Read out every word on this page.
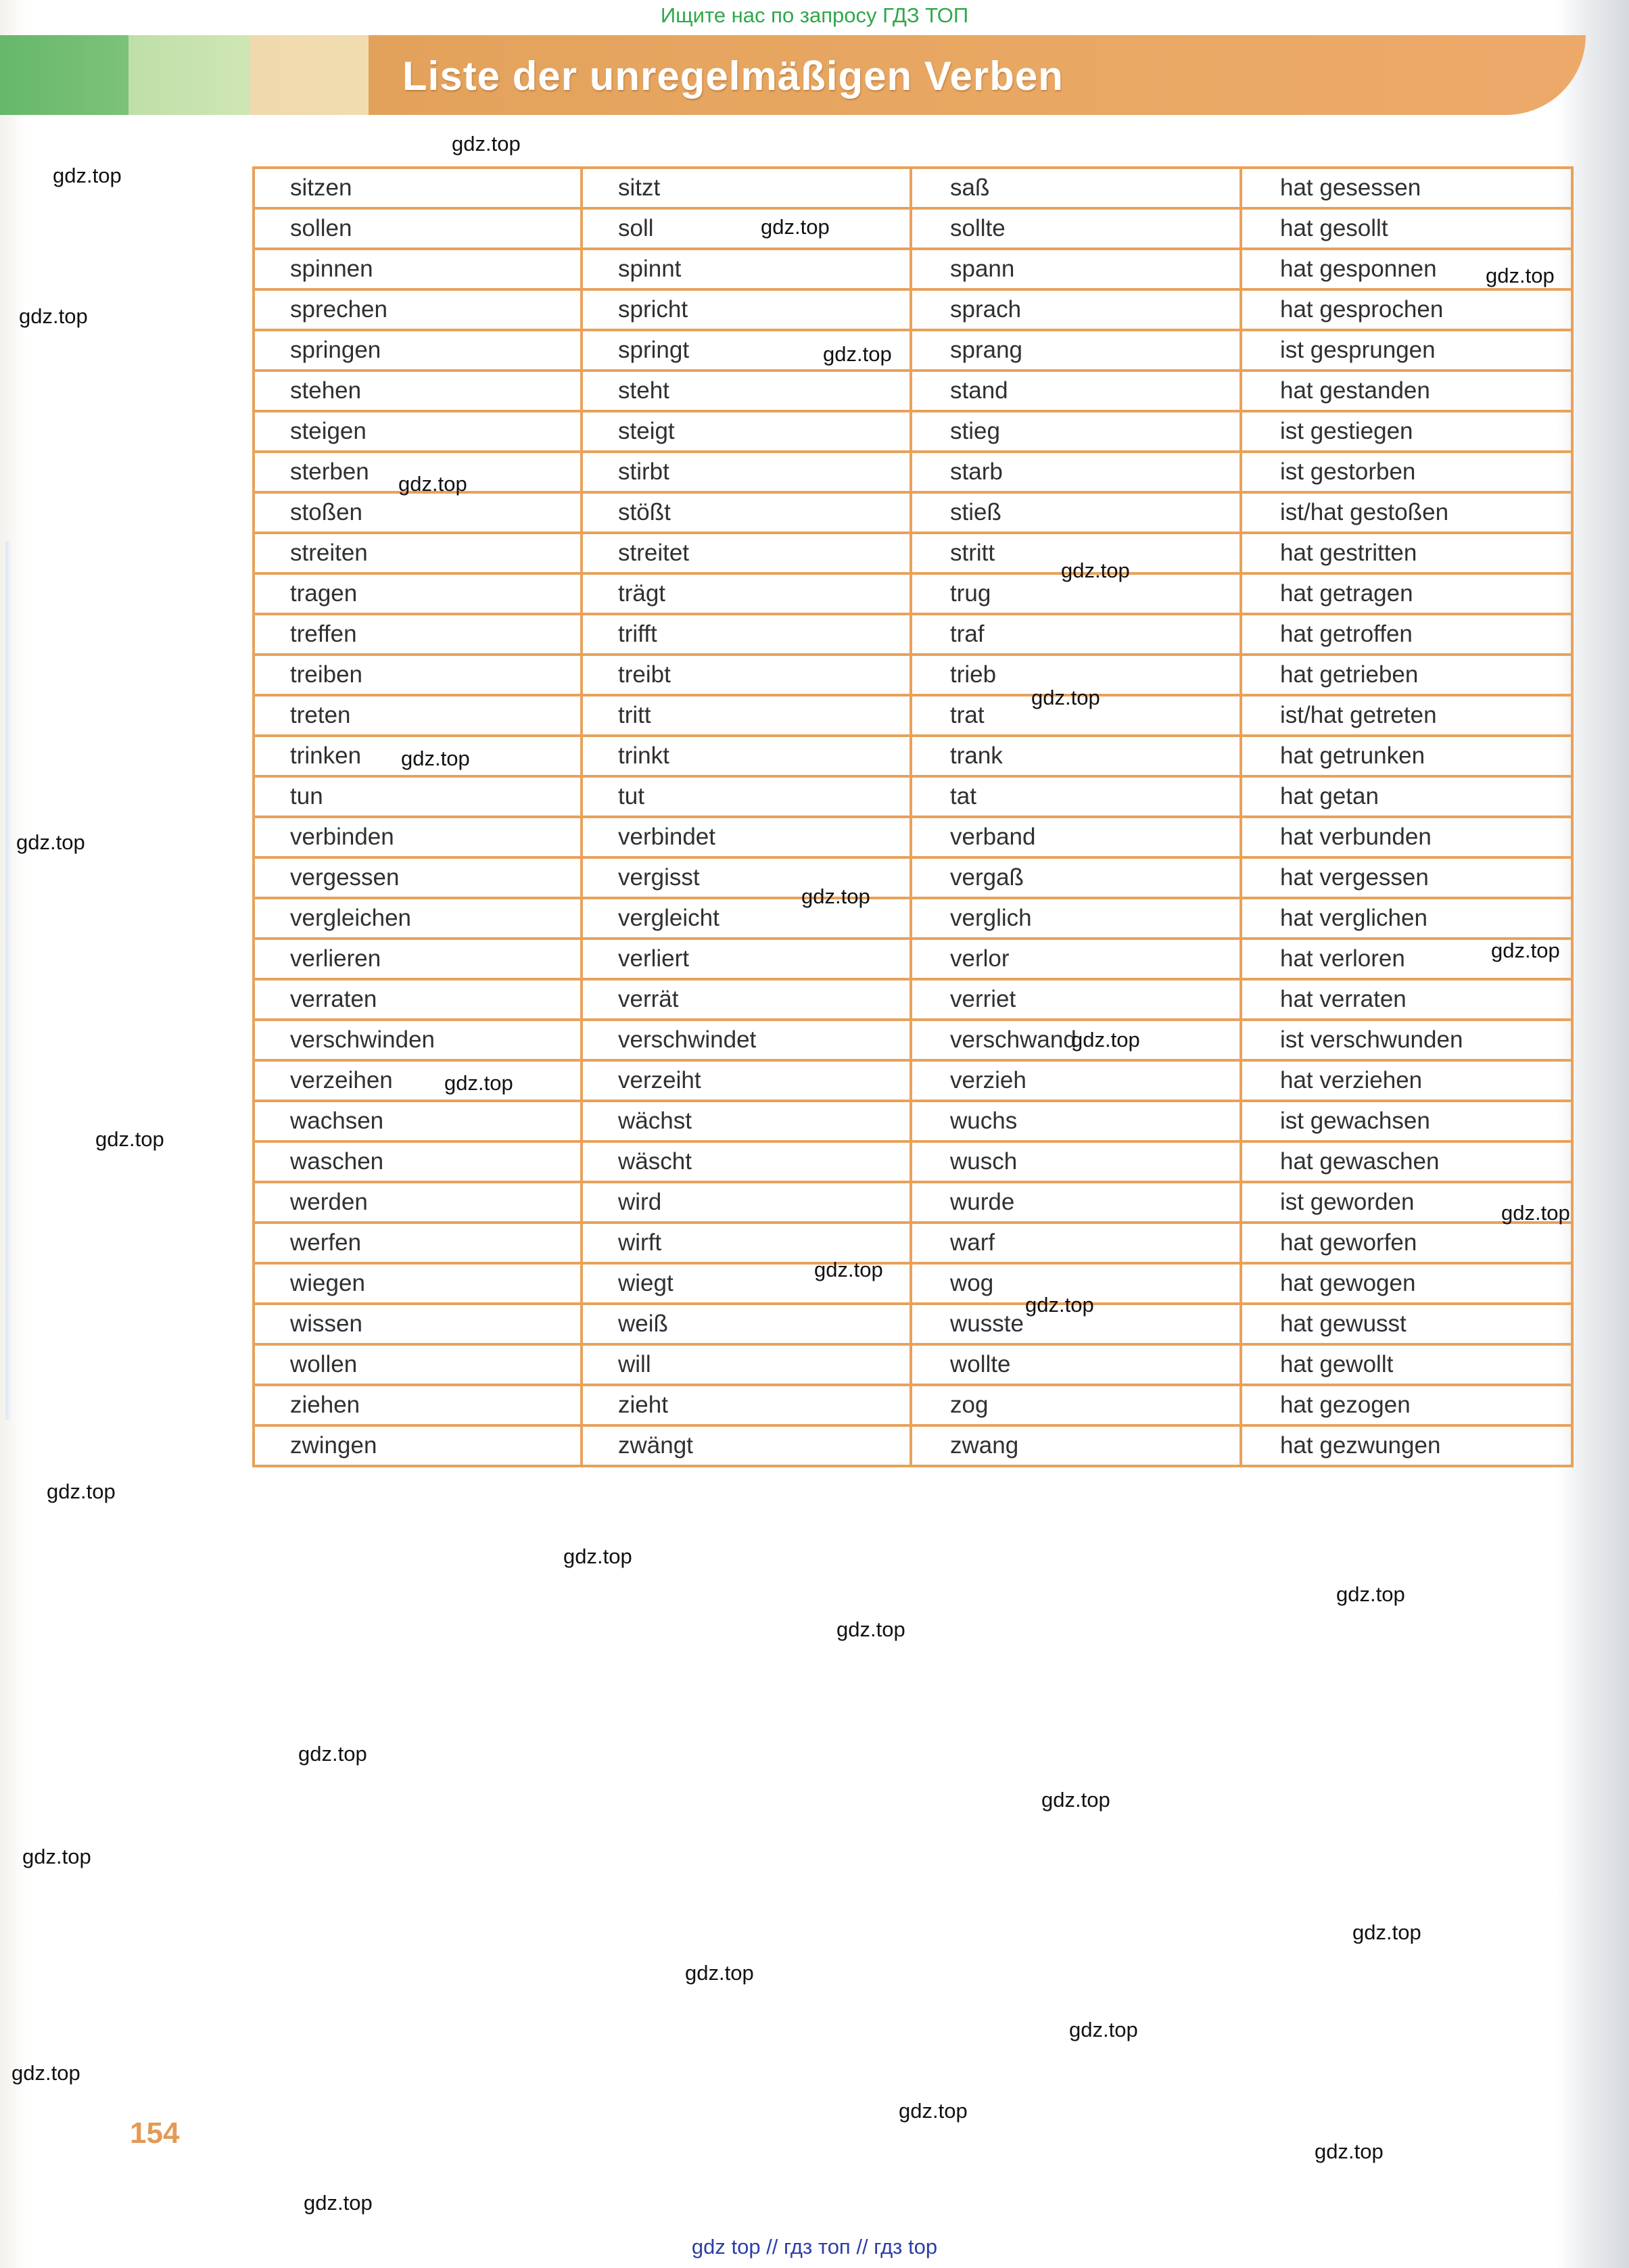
Ищите нас по запросу ГДЗ ТОП
Liste der unregelmäßigen Verben
sitzen	sitzt	saß	hat gesessen
sollen	soll	sollte	hat gesollt
spinnen	spinnt	spann	hat gesponnen
sprechen	spricht	sprach	hat gesprochen
springen	springt	sprang	ist gesprungen
stehen	steht	stand	hat gestanden
steigen	steigt	stieg	ist gestiegen
sterben	stirbt	starb	ist gestorben
stoßen	stößt	stieß	ist/hat gestoßen
streiten	streitet	stritt	hat gestritten
tragen	trägt	trug	hat getragen
treffen	trifft	traf	hat getroffen
treiben	treibt	trieb	hat getrieben
treten	tritt	trat	ist/hat getreten
trinken	trinkt	trank	hat getrunken
tun	tut	tat	hat getan
verbinden	verbindet	verband	hat verbunden
vergessen	vergisst	vergaß	hat vergessen
vergleichen	vergleicht	verglich	hat verglichen
verlieren	verliert	verlor	hat verloren
verraten	verrät	verriet	hat verraten
verschwinden	verschwindet	verschwand	ist verschwunden
verzeihen	verzeiht	verzieh	hat verziehen
wachsen	wächst	wuchs	ist gewachsen
waschen	wäscht	wusch	hat gewaschen
werden	wird	wurde	ist geworden
werfen	wirft	warf	hat geworfen
wiegen	wiegt	wog	hat gewogen
wissen	weiß	wusste	hat gewusst
wollen	will	wollte	hat gewollt
ziehen	zieht	zog	hat gezogen
zwingen	zwängt	zwang	hat gezwungen
154
gdz.top
gdz.top
gdz.top
gdz.top
gdz.top
gdz.top
gdz.top
gdz.top
gdz.top
gdz.top
gdz.top
gdz.top
gdz.top
gdz.top
gdz.top
gdz.top
gdz.top
gdz.top
gdz.top
gdz.top
gdz.top
gdz.top
gdz.top
gdz.top
gdz.top
gdz.top
gdz.top
gdz.top
gdz.top
gdz.top
gdz.top
gdz.top
gdz.top
gdz top // гдз топ // гдз top
